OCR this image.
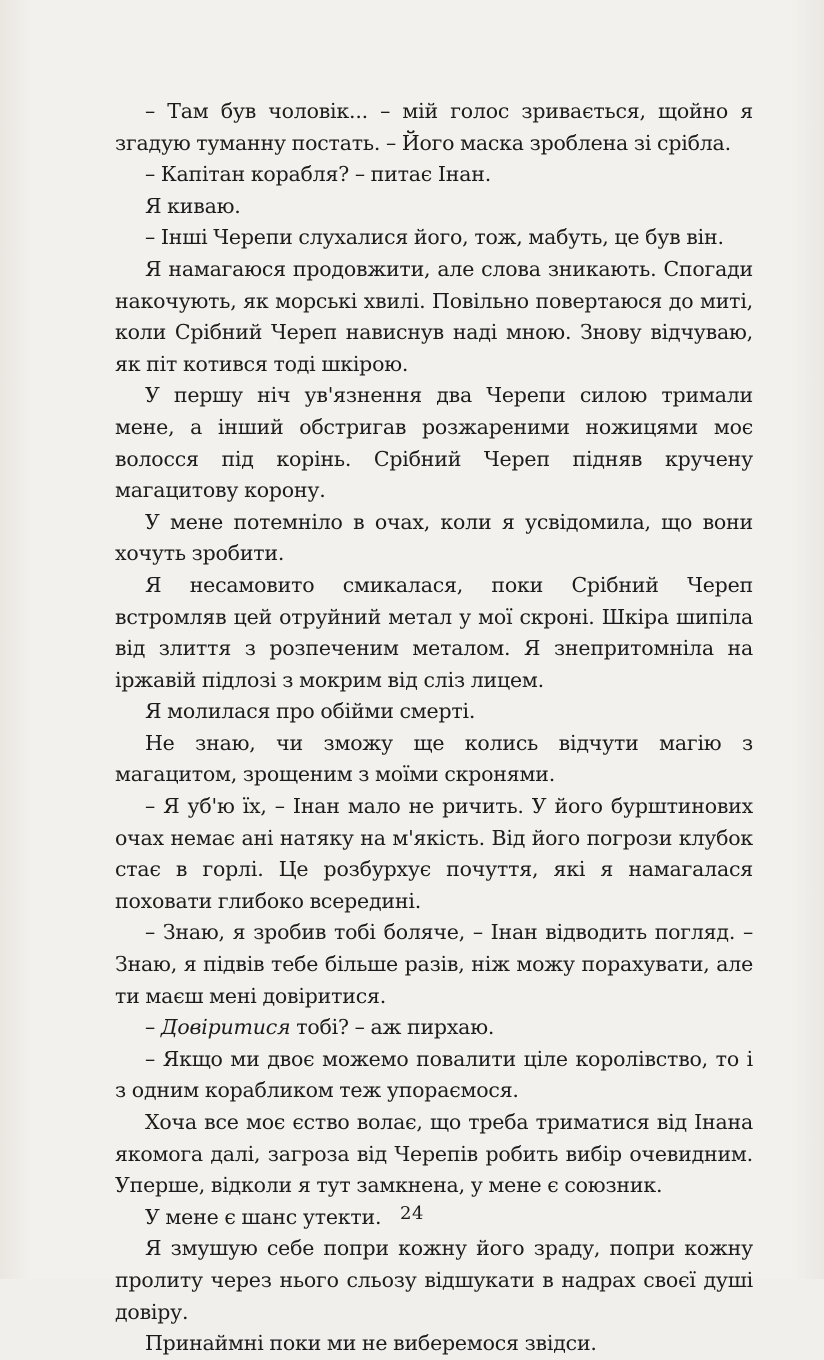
– Там був чоловік... – мій голос зривається, щойно я згадую туманну постать. – Його маска зроблена зі срібла.

– Капітан корабля? – питає Інан.

Я киваю.

– Інші Черепи слухалися його, тож, мабуть, це був він.

Я намагаюся продовжити, але слова зникають. Спогади накочують, як морські хвилі. Повільно повертаюся до миті, коли Срібний Череп нависнув наді мною. Знову відчуваю, як піт котився тоді шкірою.

У першу ніч ув'язнення два Черепи силою тримали мене, а інший обстригав розжареними ножицями моє волосся під корінь. Срібний Череп підняв кручену магацитову корону.

У мене потемніло в очах, коли я усвідомила, що вони хочуть зробити.

Я несамовито смикалася, поки Срібний Череп встромляв цей отруйний метал у мої скроні. Шкіра шипіла від злиття з розпеченим металом. Я знепритомніла на іржавій підлозі з мокрим від сліз лицем.

Я молилася про обійми смерті.

Не знаю, чи зможу ще колись відчути магію з магацитом, зрощеним з моїми скронями.

– Я уб'ю їх, – Інан мало не ричить. У його бурштинових очах немає ані натяку на м'якість. Від його погрози клубок стає в горлі. Це розбурхує почуття, які я намагалася поховати глибоко всередині.

– Знаю, я зробив тобі боляче, – Інан відводить погляд. – Знаю, я підвів тебе більше разів, ніж можу порахувати, але ти маєш мені довіритися.

– Довіритися тобі? – аж пирхаю.

– Якщо ми двоє можемо повалити ціле королівство, то і з одним корабликом теж упораємося.

Хоча все моє єство волає, що треба триматися від Інана якомога далі, загроза від Черепів робить вибір очевидним. Уперше, відколи я тут замкнена, у мене є союзник.

У мене є шанс утекти.

Я змушую себе попри кожну його зраду, попри кожну пролиту через нього сльозу відшукати в надрах своєї душі довіру.

Принаймні поки ми не виберемося звідси.

24
